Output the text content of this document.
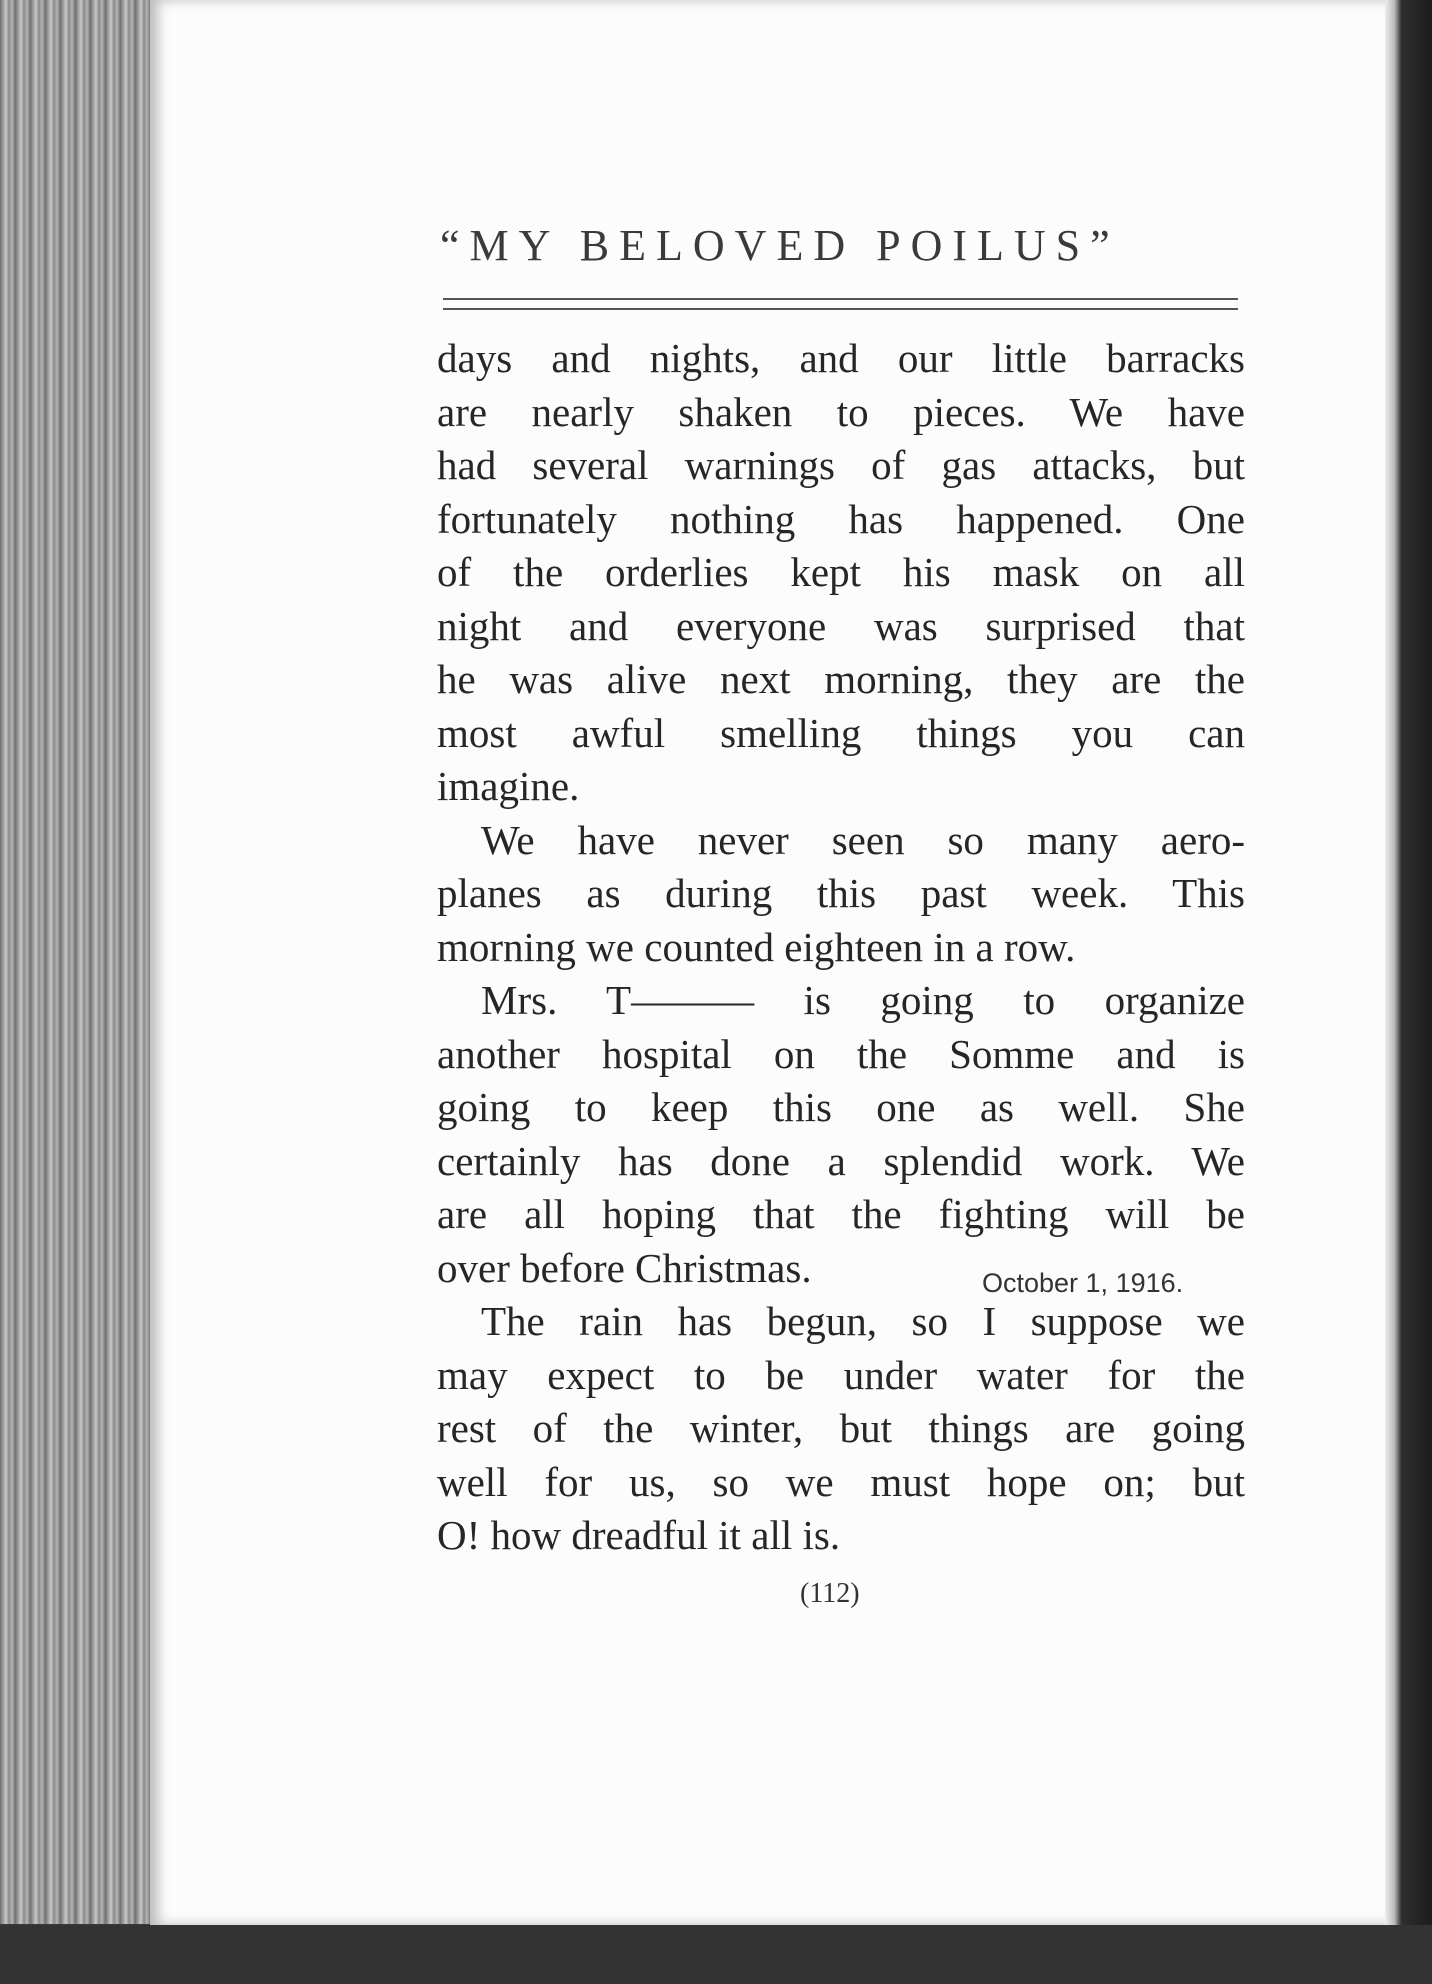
“MY BELOVED POILUS”
days and nights, and our little barracks
are nearly shaken to pieces. We have
had several warnings of gas attacks, but
fortunately nothing has happened. One
of the orderlies kept his mask on all
night and everyone was surprised that
he was alive next morning, they are the
most awful smelling things you can
imagine.
We have never seen so many aero-
planes as during this past week. This
morning we counted eighteen in a row.
Mrs. T——— is going to organize
another hospital on the Somme and is
going to keep this one as well. She
certainly has done a splendid work. We
are all hoping that the fighting will be
over before Christmas.
The rain has begun, so I suppose we
may expect to be under water for the
rest of the winter, but things are going
well for us, so we must hope on; but
O! how dreadful it all is.
October 1, 1916.
(112)
